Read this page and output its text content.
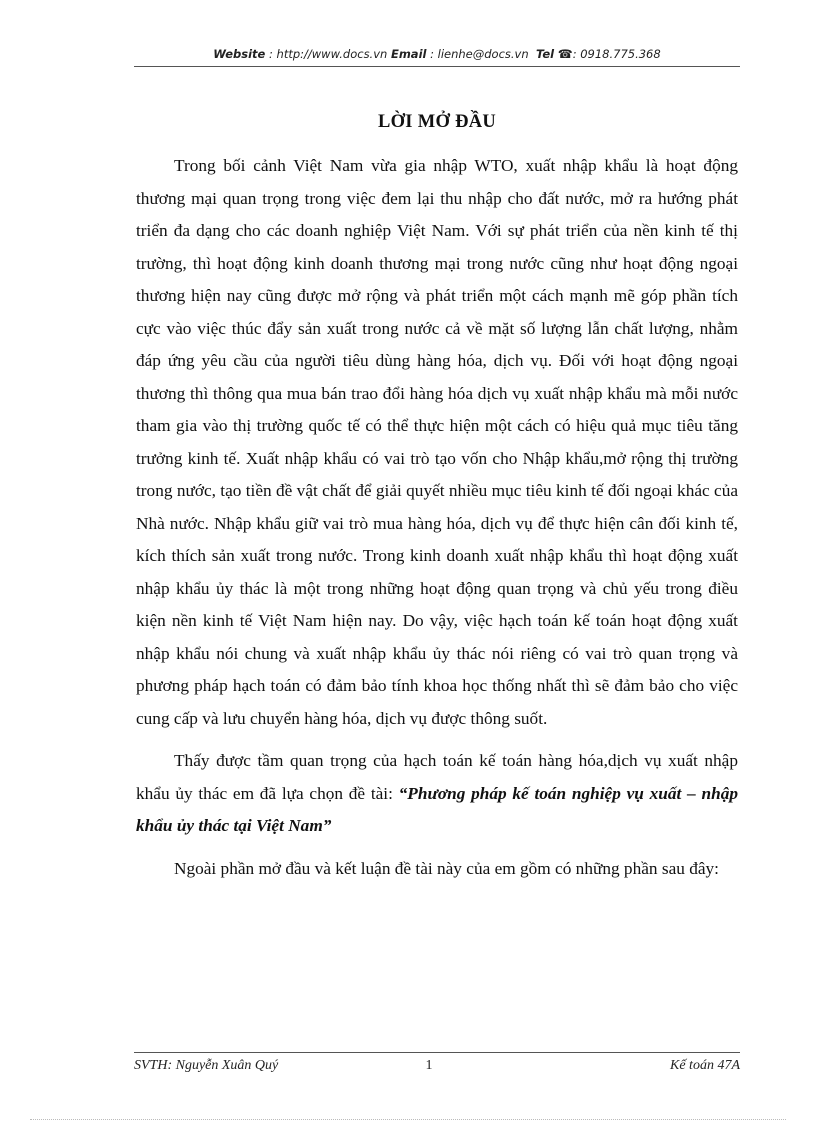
Website : http://www.docs.vn Email : lienhe@docs.vn Tel ☎: 0918.775.368
LỜI MỞ ĐẦU

Trong bối cảnh Việt Nam vừa gia nhập WTO, xuất nhập khẩu là hoạt động thương mại quan trọng trong việc đem lại thu nhập cho đất nước, mở ra hướng phát triển đa dạng cho các doanh nghiệp Việt Nam. Với sự phát triển của nền kinh tế thị trường, thì hoạt động kinh doanh thương mại trong nước cũng như hoạt động ngoại thương hiện nay cũng được mở rộng và phát triển một cách mạnh mẽ góp phần tích cực vào việc thúc đẩy sản xuất trong nước cả về mặt số lượng lẫn chất lượng, nhằm đáp ứng yêu cầu của người tiêu dùng hàng hóa, dịch vụ. Đối với hoạt động ngoại thương thì thông qua mua bán trao đổi hàng hóa dịch vụ xuất nhập khẩu mà mỗi nước tham gia vào thị trường quốc tế có thể thực hiện một cách có hiệu quả mục tiêu tăng trưởng kinh tế. Xuất nhập khẩu có vai trò tạo vốn cho Nhập khẩu,mở rộng thị trường trong nước, tạo tiền đề vật chất để giải quyết nhiều mục tiêu kinh tế đối ngoại khác của Nhà nước. Nhập khẩu giữ vai trò mua hàng hóa, dịch vụ để thực hiện cân đối kinh tế, kích thích sản xuất trong nước. Trong kinh doanh xuất nhập khẩu thì hoạt động xuất nhập khẩu ủy thác là một trong những hoạt động quan trọng và chủ yếu trong điều kiện nền kinh tế Việt Nam hiện nay. Do vậy, việc hạch toán kế toán hoạt động xuất nhập khẩu nói chung và xuất nhập khẩu ủy thác nói riêng có vai trò quan trọng và phương pháp hạch toán có đảm bảo tính khoa học thống nhất thì sẽ đảm bảo cho việc cung cấp và lưu chuyển hàng hóa, dịch vụ được thông suốt.

Thấy được tầm quan trọng của hạch toán kế toán hàng hóa,dịch vụ xuất nhập khẩu ủy thác em đã lựa chọn đề tài: “Phương pháp kế toán nghiệp vụ xuất – nhập khẩu ủy thác tại Việt Nam”

Ngoài phần mở đầu và kết luận đề tài này của em gồm có những phần sau đây:

SVTH: Nguyễn Xuân Quý	1	Kế toán 47A
